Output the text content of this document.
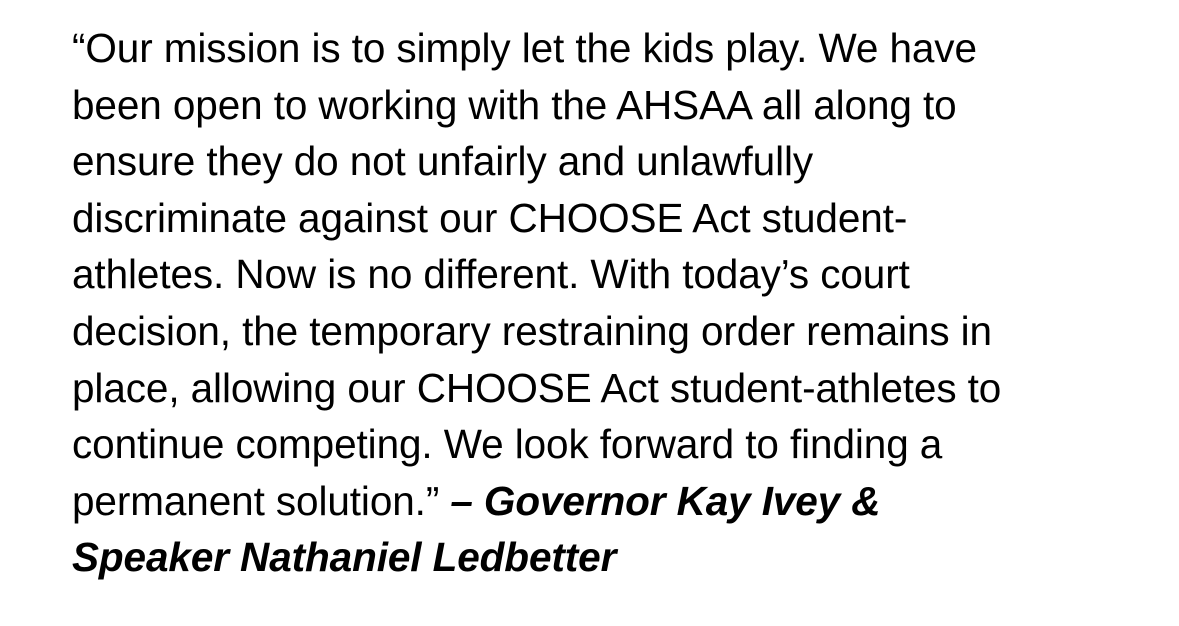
“Our mission is to simply let the kids play. We have
been open to working with the AHSAA all along to
ensure they do not unfairly and unlawfully
discriminate against our CHOOSE Act student-
athletes. Now is no different. With today’s court
decision, the temporary restraining order remains in
place, allowing our CHOOSE Act student-athletes to
continue competing. We look forward to finding a
permanent solution.” – Governor Kay Ivey &
Speaker Nathaniel Ledbetter
